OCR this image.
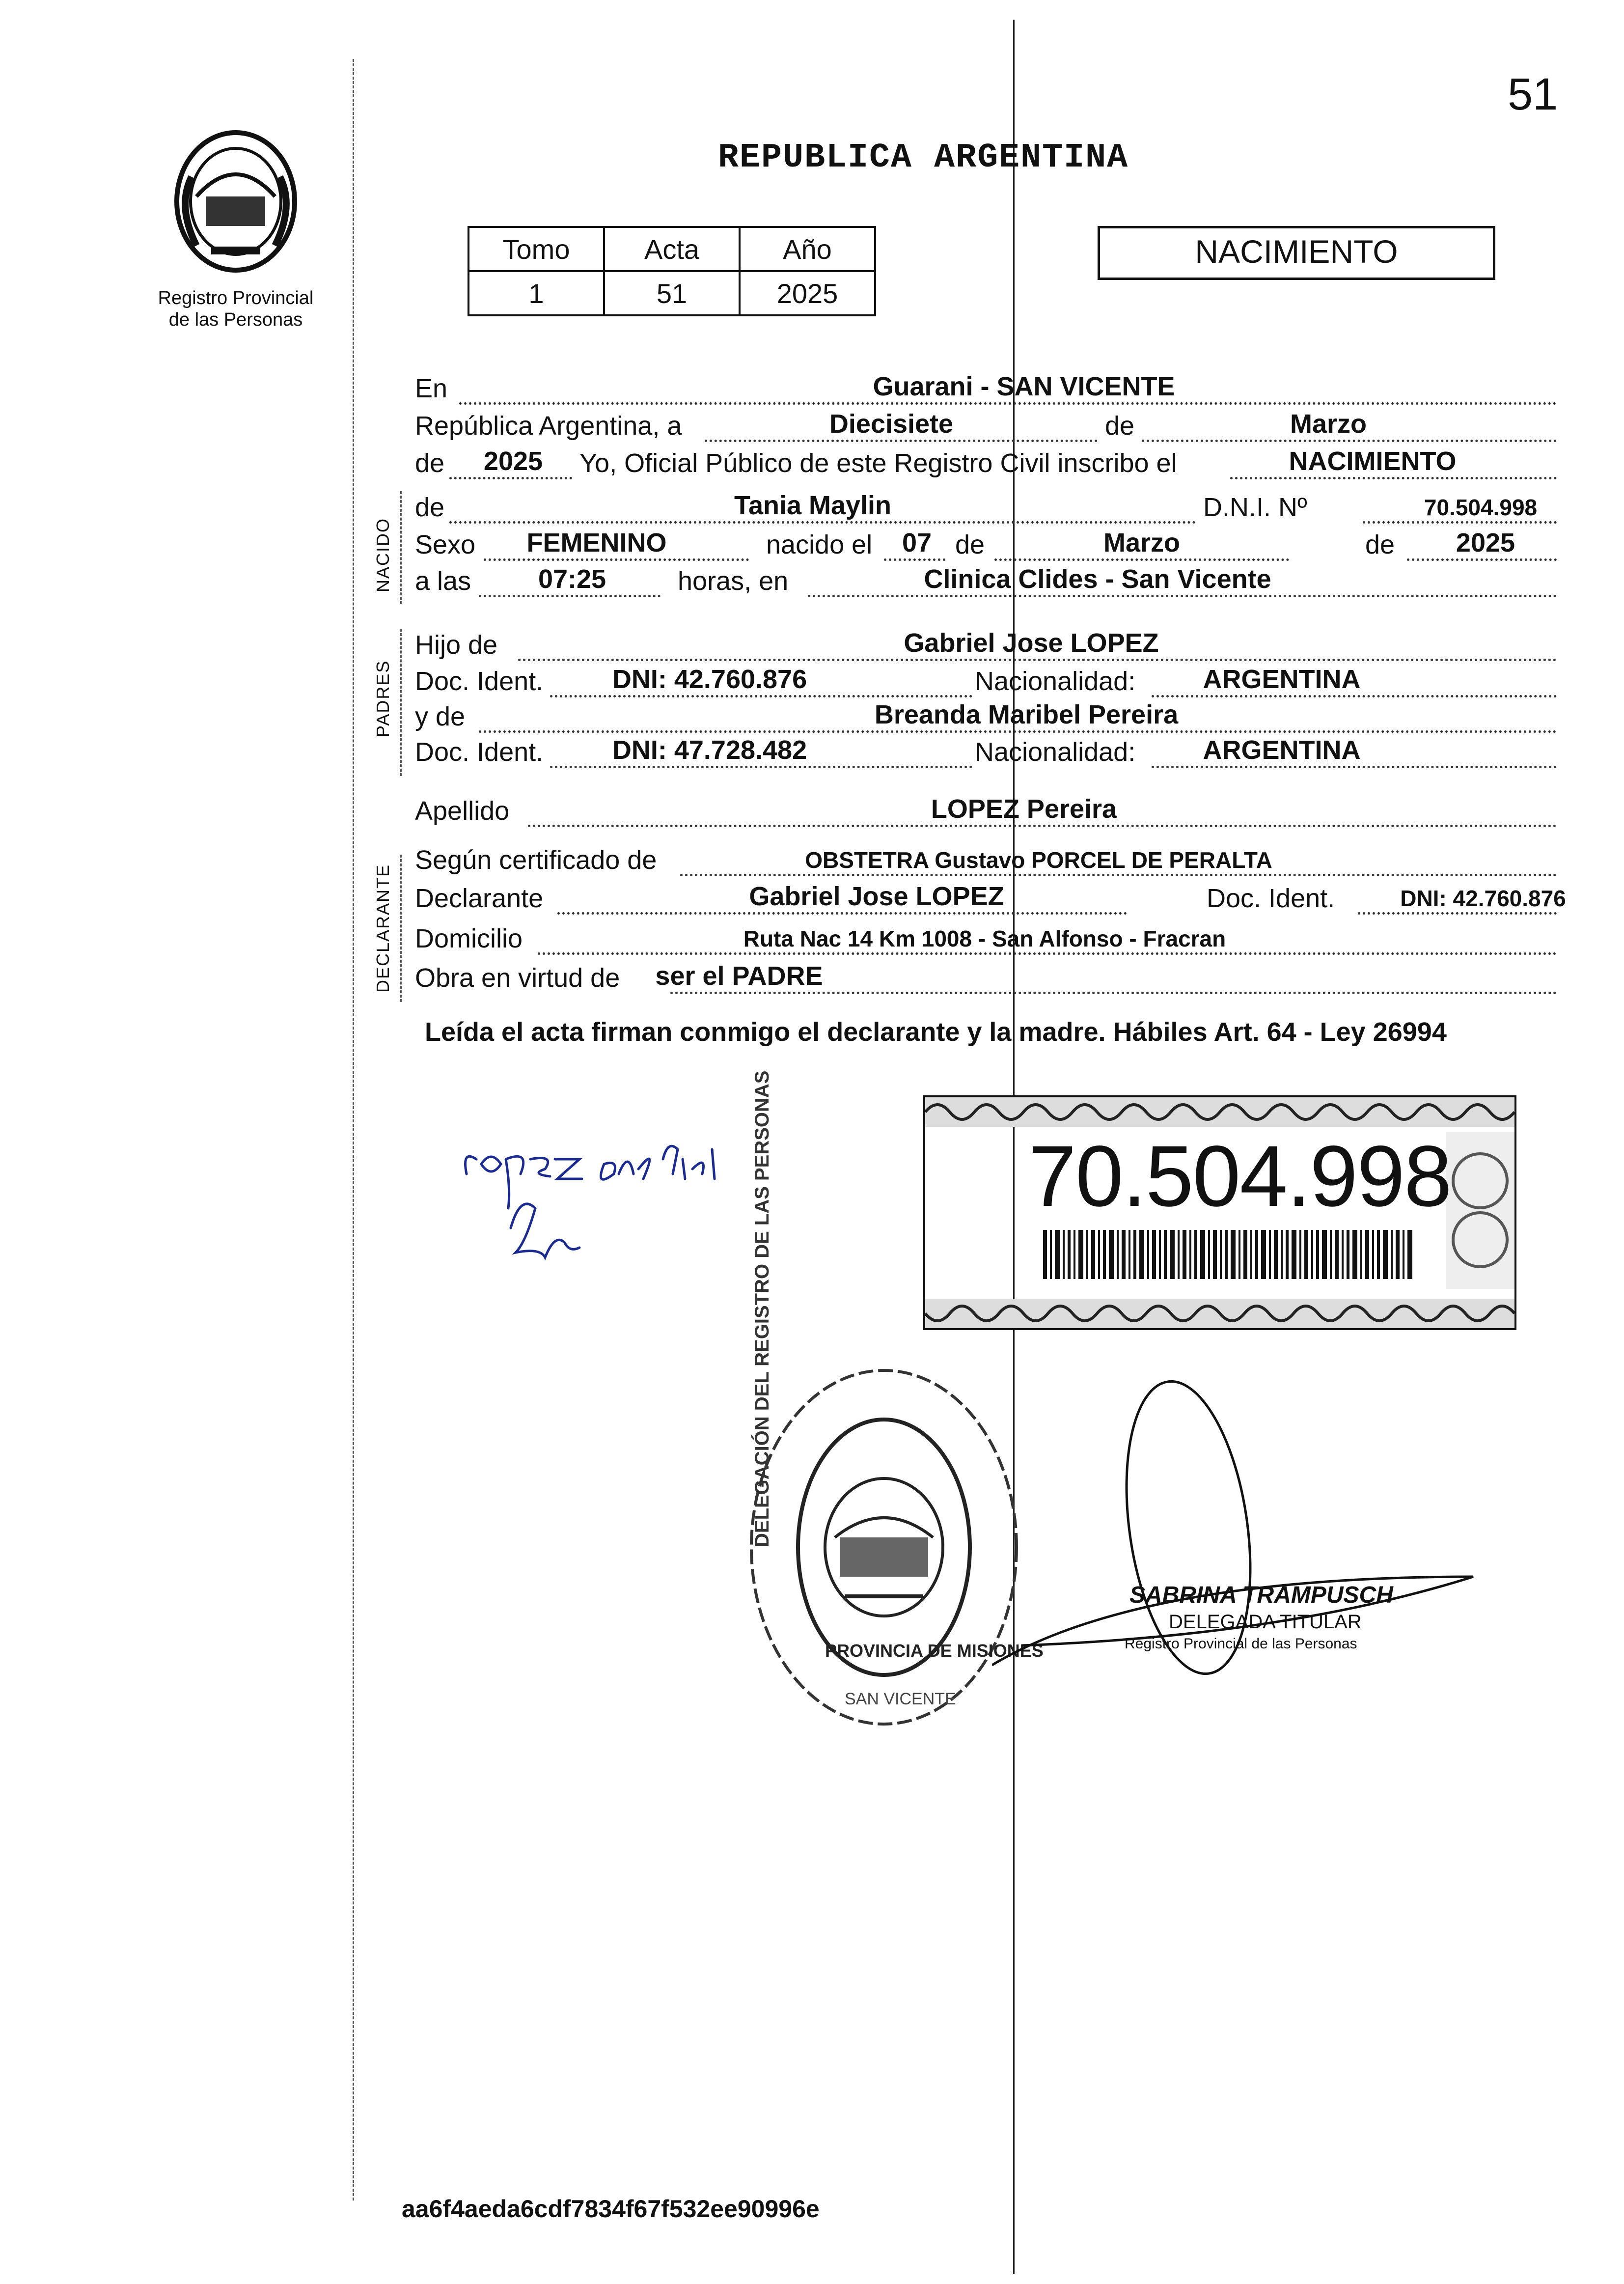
51
Registro Provincial
de las Personas
REPUBLICA ARGENTINA
Tomo	Acta	Año
1	51	2025
NACIMIENTO
NACIDO
PADRES
DECLARANTE
En	Guarani - SAN VICENTE
República Argentina, a	Diecisiete	de	Marzo
de 2025 Yo, Oficial Público de este Registro Civil inscribo el	NACIMIENTO
de	Tania Maylin	D.N.I. Nº	70.504.998
Sexo FEMENINO	nacido el 07 de	Marzo	de 2025
a las	07:25	horas, en	Clinica Clides - San Vicente
Hijo de	Gabriel Jose LOPEZ
Doc. Ident.	DNI: 42.760.876	Nacionalidad:	ARGENTINA
y de	Breanda Maribel Pereira
Doc. Ident.	DNI: 47.728.482	Nacionalidad:	ARGENTINA
Apellido	LOPEZ Pereira
Según certificado de	OBSTETRA Gustavo PORCEL DE PERALTA
Declarante	Gabriel Jose LOPEZ	Doc. Ident.	DNI: 42.760.876
Domicilio	Ruta Nac 14 Km 1008 - San Alfonso - Fracran
Obra en virtud de ser el PADRE
Leída el acta firman conmigo el declarante y la madre. Hábiles Art. 64 - Ley 26994
70.504.998
DELEGACIÓN DEL REGISTRO DE LAS PERSONAS
PROVINCIA DE MISIONES
SAN VICENTE
SABRINA TRAMPUSCH
DELEGADA TITULAR
Registro Provincial de las Personas
aa6f4aeda6cdf7834f67f532ee90996e
